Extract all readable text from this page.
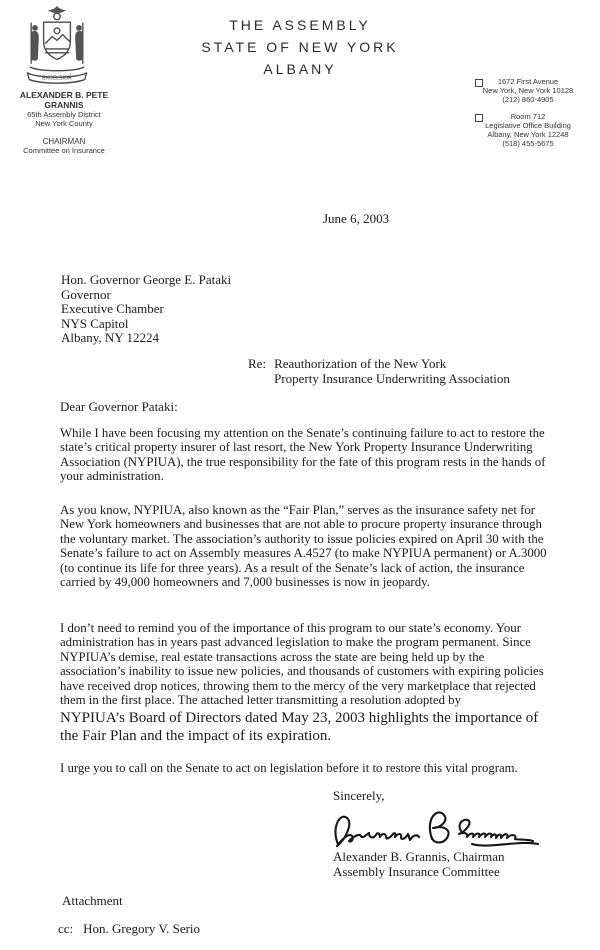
EXCELSIOR
THE ASSEMBLY
STATE OF NEW YORK
ALBANY
ALEXANDER B. PETE GRANNIS
65th Assembly District
New York County
CHAIRMAN
Committee on Insurance
1672 First Avenue
New York, New York 10128
(212) 860-4905
Room 712
Legislative Office Building
Albany, New York 12248
(518) 455-5675
June 6, 2003
Hon. Governor George E. Pataki
Governor
Executive Chamber
NYS Capitol
Albany, NY 12224
Re: Reauthorization of the New York
Property Insurance Underwriting Association
Dear Governor Pataki:
While I have been focusing my attention on the Senate’s continuing failure to act to restore the state’s critical property insurer of last resort, the New York Property Insurance Underwriting Association (NYPIUA), the true responsibility for the fate of this program rests in the hands of your administration.
As you know, NYPIUA, also known as the “Fair Plan,” serves as the insurance safety net for New York homeowners and businesses that are not able to procure property insurance through the voluntary market. The association’s authority to issue policies expired on April 30 with the Senate’s failure to act on Assembly measures A.4527 (to make NYPIUA permanent) or A.3000 (to continue its life for three years). As a result of the Senate’s lack of action, the insurance carried by 49,000 homeowners and 7,000 businesses is now in jeopardy.
I don’t need to remind you of the importance of this program to our state’s economy. Your administration has in years past advanced legislation to make the program permanent. Since NYPIUA’s demise, real estate transactions across the state are being held up by the association’s inability to issue new policies, and thousands of customers with expiring policies have received drop notices, throwing them to the mercy of the very marketplace that rejected them in the first place. The attached letter transmitting a resolution adopted by
NYPIUA’s Board of Directors dated May 23, 2003 highlights the importance of the Fair Plan and the impact of its expiration.
I urge you to call on the Senate to act on legislation before it to restore this vital program.
Sincerely,
Alexander B. Grannis, Chairman
Assembly Insurance Committee
Attachment
cc: Hon. Gregory V. Serio
